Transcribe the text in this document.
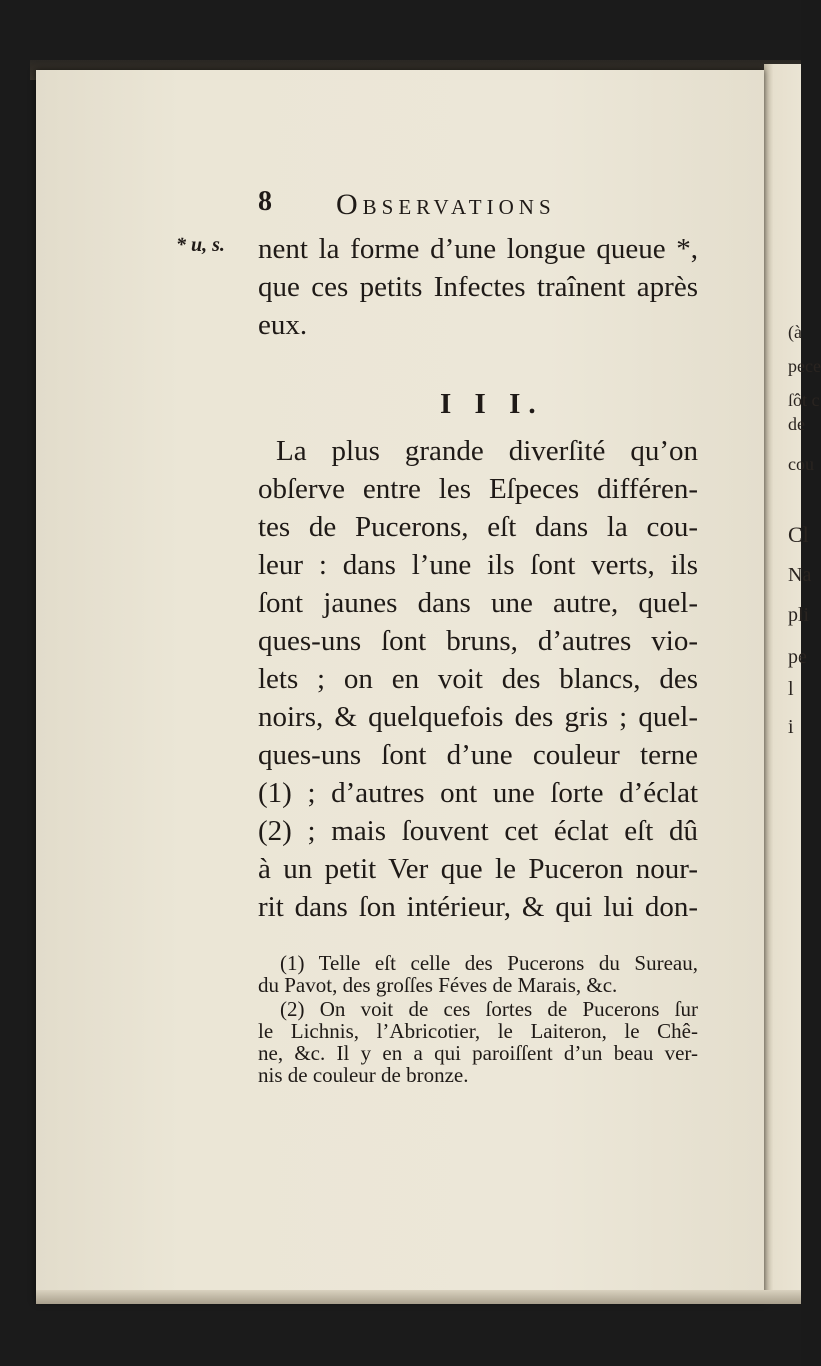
(à
pece
ſôt c
de
cou
Cl
Na
pli
pe
l
i
8 Observations
* u, s. nent la forme d’une longue queue *,
que ces petits Infectes traînent après
eux.
I I I.
La plus grande diverſité qu’on
obſerve entre les Eſpeces différen-
tes de Pucerons, eſt dans la cou-
leur : dans l’une ils ſont verts, ils
ſont jaunes dans une autre, quel-
ques-uns ſont bruns, d’autres vio-
lets ; on en voit des blancs, des
noirs, & quelquefois des gris ; quel-
ques-uns ſont d’une couleur terne
(1) ; d’autres ont une ſorte d’éclat
(2) ; mais ſouvent cet éclat eſt dû
à un petit Ver que le Puceron nour-
rit dans ſon intérieur, & qui lui don-
(1) Telle eſt celle des Pucerons du Sureau,
du Pavot, des groſſes Féves de Marais, &c.
(2) On voit de ces ſortes de Pucerons ſur
le Lichnis, l’Abricotier, le Laiteron, le Chê-
ne, &c. Il y en a qui paroiſſent d’un beau ver-
nis de couleur de bronze.
